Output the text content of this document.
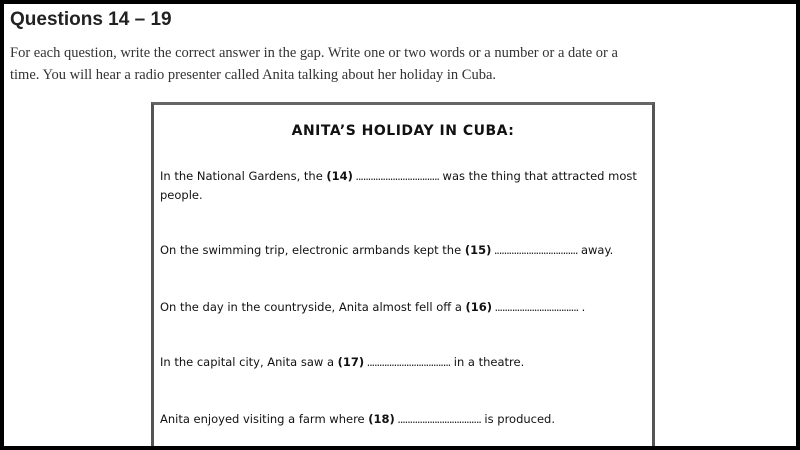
Questions 14 – 19

For each question, write the correct answer in the gap. Write one or two words or a number or a date or a time. You will hear a radio presenter called Anita talking about her holiday in Cuba.

ANITA’S HOLIDAY IN CUBA:

In the National Gardens, the (14) .................................. was the thing that attracted most people.

On the swimming trip, electronic armbands kept the (15) .................................. away.

On the day in the countryside, Anita almost fell off a (16) .................................. .

In the capital city, Anita saw a (17) .................................. in a theatre.

Anita enjoyed visiting a farm where (18) .................................. is produced.
